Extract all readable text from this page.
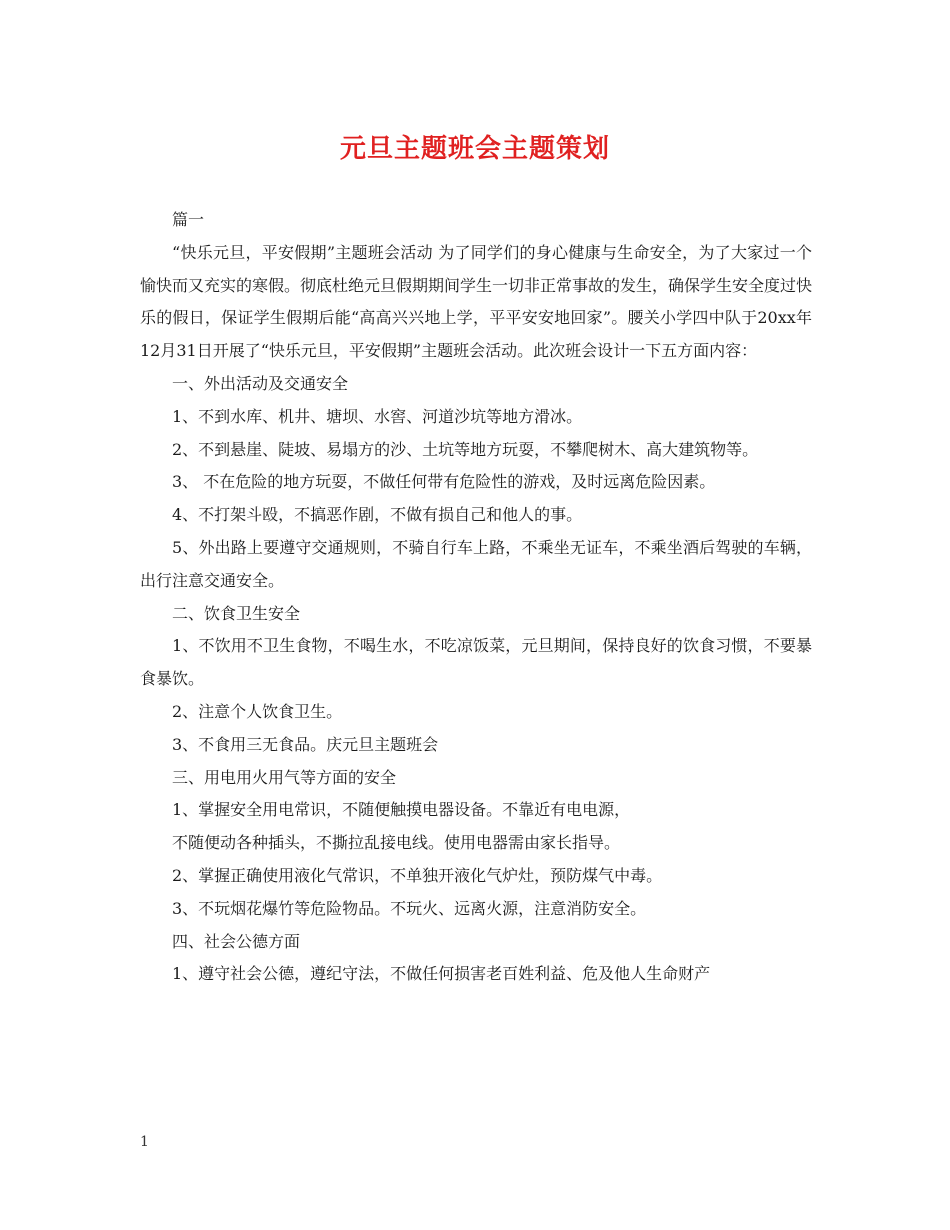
元旦主题班会主题策划

篇一

“快乐元旦，平安假期”主题班会活动 为了同学们的身心健康与生命安全，为了大家过一个愉快而又充实的寒假。彻底杜绝元旦假期期间学生一切非正常事故的发生，确保学生安全度过快乐的假日，保证学生假期后能“高高兴兴地上学，平平安安地回家”。腰关小学四中队于20xx年12月31日开展了“快乐元旦，平安假期”主题班会活动。此次班会设计一下五方面内容：

一、外出活动及交通安全

1、不到水库、机井、塘坝、水窖、河道沙坑等地方滑冰。

2、不到悬崖、陡坡、易塌方的沙、土坑等地方玩耍，不攀爬树木、高大建筑物等。

3、 不在危险的地方玩耍，不做任何带有危险性的游戏，及时远离危险因素。

4、不打架斗殴，不搞恶作剧，不做有损自己和他人的事。

5、外出路上要遵守交通规则，不骑自行车上路，不乘坐无证车，不乘坐酒后驾驶的车辆，出行注意交通安全。

二、饮食卫生安全

1、不饮用不卫生食物，不喝生水，不吃凉饭菜，元旦期间，保持良好的饮食习惯，不要暴食暴饮。

2、注意个人饮食卫生。

3、不食用三无食品。庆元旦主题班会

三、用电用火用气等方面的安全

1、掌握安全用电常识，不随便触摸电器设备。不靠近有电电源，

不随便动各种插头，不撕拉乱接电线。使用电器需由家长指导。

2、掌握正确使用液化气常识，不单独开液化气炉灶，预防煤气中毒。

3、不玩烟花爆竹等危险物品。不玩火、远离火源，注意消防安全。

四、社会公德方面

1、遵守社会公德，遵纪守法，不做任何损害老百姓利益、危及他人生命财产

1
